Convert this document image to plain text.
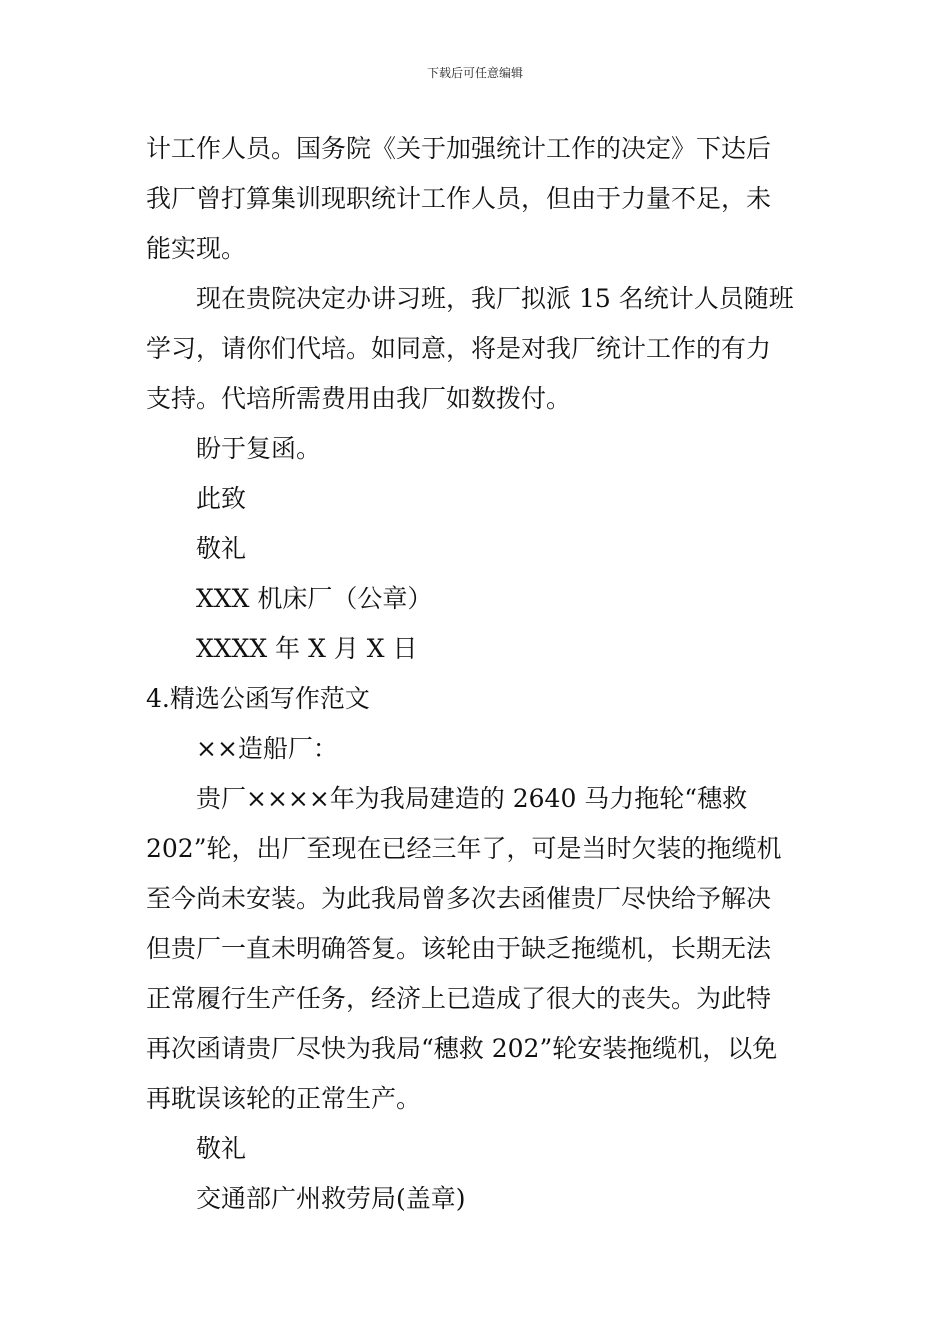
下载后可任意编辑
计工作人员。国务院《关于加强统计工作的决定》下达后
我厂曾打算集训现职统计工作人员，但由于力量不足，未
能实现。
现在贵院决定办讲习班，我厂拟派 15 名统计人员随班
学习，请你们代培。如同意，将是对我厂统计工作的有力
支持。代培所需费用由我厂如数拨付。
盼于复函。
此致
敬礼
XXX 机床厂（公章）
XXXX 年 X 月 X 日
4.精选公函写作范文
××造船厂：
贵厂××××年为我局建造的 2640 马力拖轮“穗救
202”轮，出厂至现在已经三年了，可是当时欠装的拖缆机
至今尚未安装。为此我局曾多次去函催贵厂尽快给予解决
但贵厂一直未明确答复。该轮由于缺乏拖缆机，长期无法
正常履行生产任务，经济上已造成了很大的丧失。为此特
再次函请贵厂尽快为我局“穗救 202”轮安装拖缆机，以免
再耽误该轮的正常生产。
敬礼
交通部广州救劳局(盖章)
